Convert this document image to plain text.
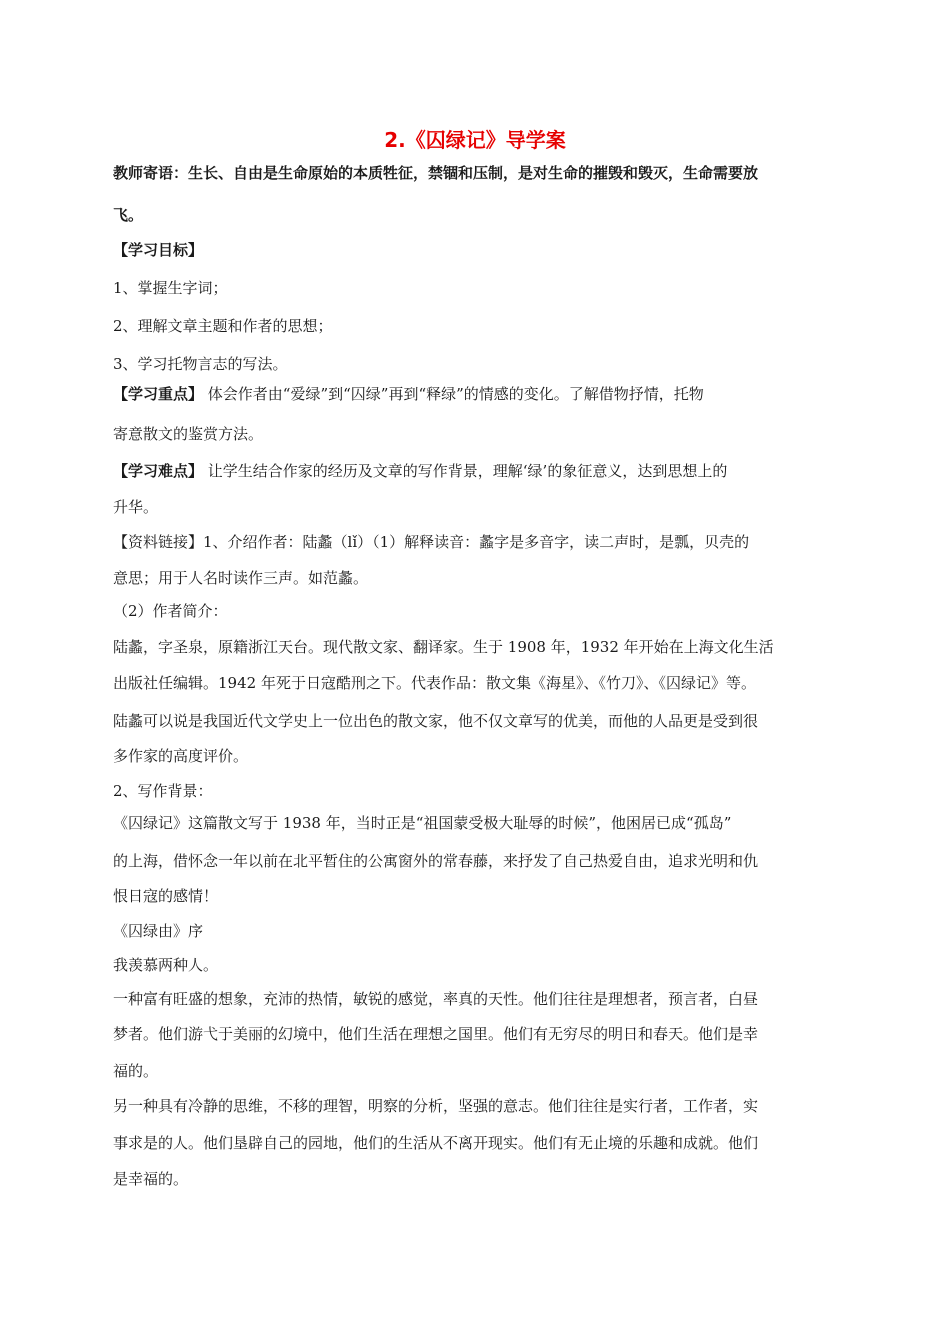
2.《囚绿记》导学案
教师寄语：生长、自由是生命原始的本质牲征，禁锢和压制，是对生命的摧毁和毁灭，生命需要放
飞。
【学习目标】
1、掌握生字词；
2、理解文章主题和作者的思想；
3、学习托物言志的写法。
【学习重点】 体会作者由“爱绿”到“囚绿”再到“释绿”的情感的变化。了解借物抒情，托物
寄意散文的鉴赏方法。
【学习难点】 让学生结合作家的经历及文章的写作背景，理解‘绿’的象征意义，达到思想上的
升华。
【资料链接】1、介绍作者：陆蠡（lǐ）（1）解释读音：蠡字是多音字，读二声时，是瓢，贝壳的
意思；用于人名时读作三声。如范蠡。
（2）作者简介：
陆蠡，字圣泉，原籍浙江天台。现代散文家、翻译家。生于 1908 年，1932 年开始在上海文化生活
出版社任编辑。1942 年死于日寇酷刑之下。代表作品：散文集《海星》、《竹刀》、《囚绿记》等。
陆蠡可以说是我国近代文学史上一位出色的散文家，他不仅文章写的优美，而他的人品更是受到很
多作家的高度评价。
2、写作背景：
《囚绿记》这篇散文写于 1938 年，当时正是“祖国蒙受极大耻辱的时候”，他困居已成“孤岛”
的上海，借怀念一年以前在北平暂住的公寓窗外的常春藤，来抒发了自己热爱自由，追求光明和仇
恨日寇的感情！
《囚绿由》序
我羡慕两种人。
一种富有旺盛的想象，充沛的热情，敏锐的感觉，率真的天性。他们往往是理想者，预言者，白昼
梦者。他们游弋于美丽的幻境中，他们生活在理想之国里。他们有无穷尽的明日和春天。他们是幸
福的。
另一种具有冷静的思维，不移的理智，明察的分析，坚强的意志。他们往往是实行者，工作者，实
事求是的人。他们垦辟自己的园地，他们的生活从不离开现实。他们有无止境的乐趣和成就。他们
是幸福的。
